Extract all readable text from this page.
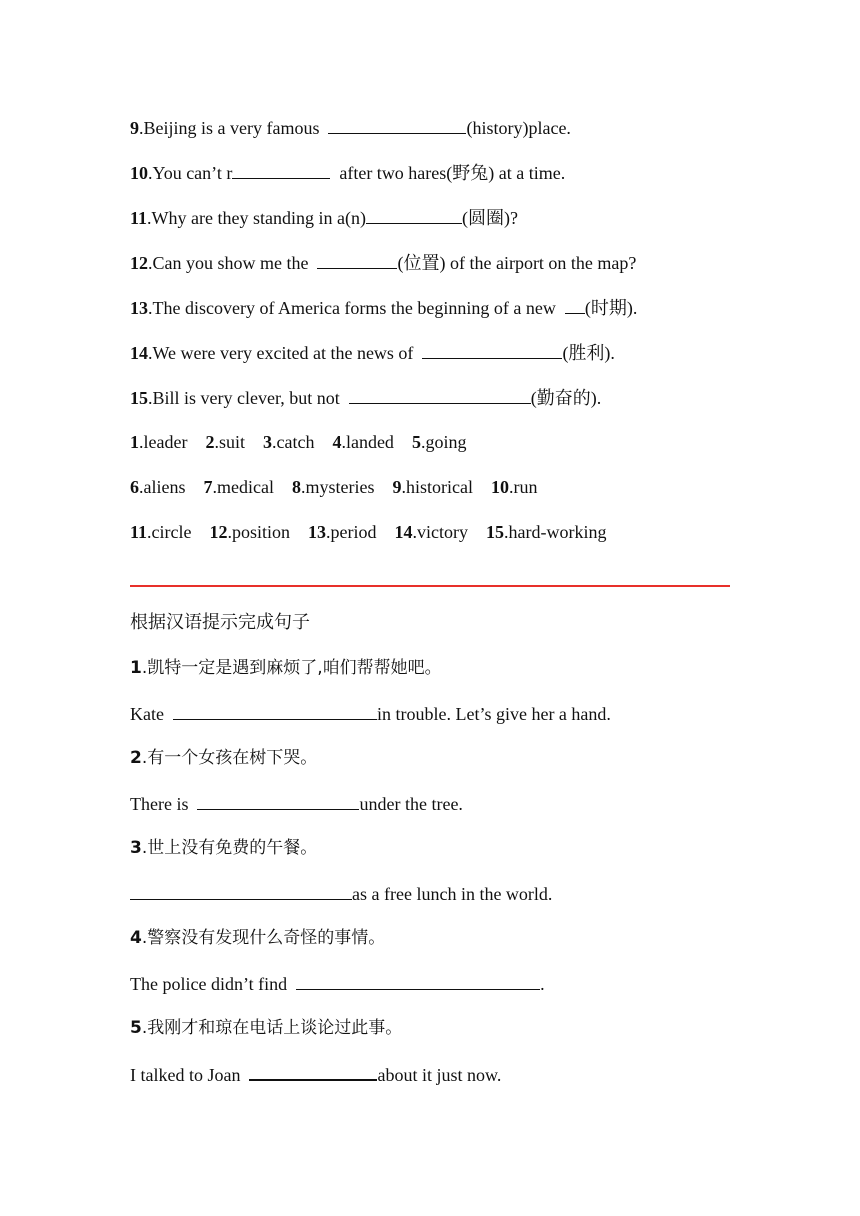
9.Beijing is a very famous	(history)place.
10.You can’t r	after two hares(野兔) at a time.
11.Why are they standing in a(n)	(圆圈)?
12.Can you show me the	(位置) of the airport on the map?
13.The discovery of America forms the beginning of a new  (时期).
14.We were very excited at the news of	(胜利).
15.Bill is very clever, but not	(勤奋的).
1.leader 2.suit 3.catch 4.landed 5.going
6.aliens 7.medical 8.mysteries 9.historical 10.run
11.circle 12.position 13.period 14.victory 15.hard-working
根据汉语提示完成句子
1.凯特一定是遇到麻烦了,咱们帮帮她吧。
Kate	in trouble. Let’s give her a hand.
2.有一个女孩在树下哭。
There is	under the tree.
3.世上没有免费的午餐。
as a free lunch in the world.
4.警察没有发现什么奇怪的事情。
The police didn’t find	.
5.我刚才和琼在电话上谈论过此事。
I talked to Joan	about it just now.
